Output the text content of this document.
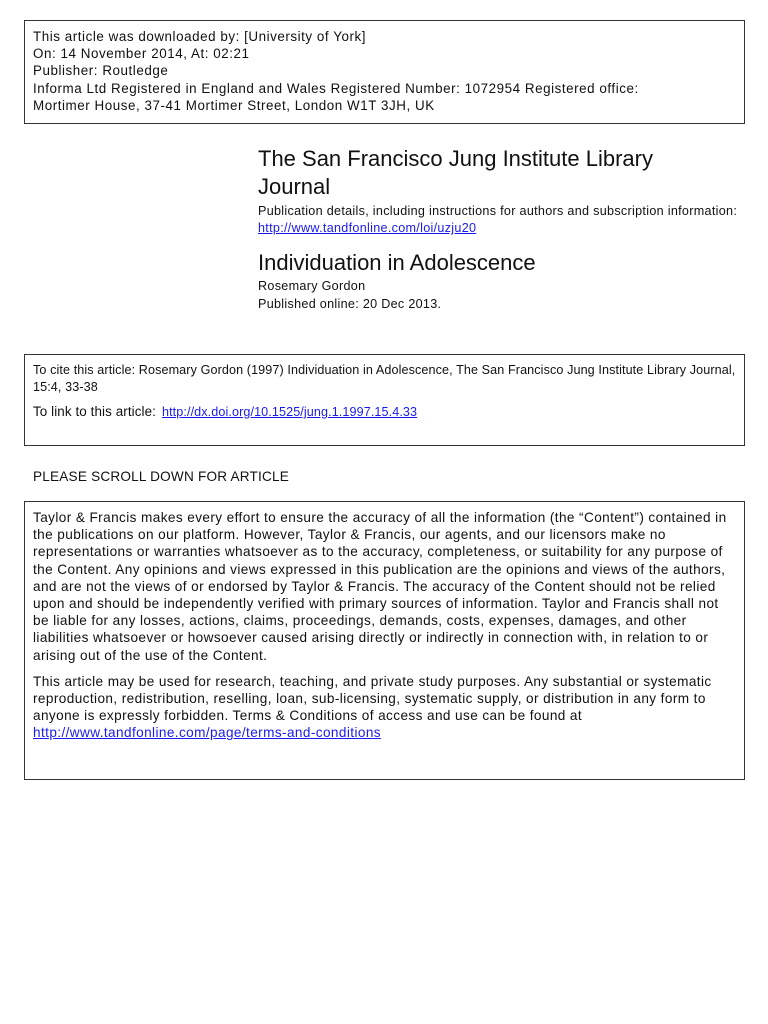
This article was downloaded by: [University of York]
On: 14 November 2014, At: 02:21
Publisher: Routledge
Informa Ltd Registered in England and Wales Registered Number: 1072954 Registered office:
Mortimer House, 37-41 Mortimer Street, London W1T 3JH, UK
The San Francisco Jung Institute Library
Journal
Publication details, including instructions for authors and subscription information:
http://www.tandfonline.com/loi/uzju20
Individuation in Adolescence
Rosemary Gordon
Published online: 20 Dec 2013.
To cite this article: Rosemary Gordon (1997) Individuation in Adolescence, The San Francisco Jung Institute Library Journal, 15:4, 33-38
To link to this article: http://dx.doi.org/10.1525/jung.1.1997.15.4.33
PLEASE SCROLL DOWN FOR ARTICLE

Taylor & Francis makes every effort to ensure the accuracy of all the information (the “Content”) contained in the publications on our platform. However, Taylor & Francis, our agents, and our licensors make no representations or warranties whatsoever as to the accuracy, completeness, or suitability for any purpose of the Content. Any opinions and views expressed in this publication are the opinions and views of the authors, and are not the views of or endorsed by Taylor & Francis. The accuracy of the Content should not be relied upon and should be independently verified with primary sources of information. Taylor and Francis shall not be liable for any losses, actions, claims, proceedings, demands, costs, expenses, damages, and other liabilities whatsoever or howsoever caused arising directly or indirectly in connection with, in relation to or arising out of the use of the Content.

This article may be used for research, teaching, and private study purposes. Any substantial or systematic reproduction, redistribution, reselling, loan, sub-licensing, systematic supply, or distribution in any form to anyone is expressly forbidden. Terms & Conditions of access and use can be found at http://www.tandfonline.com/page/terms-and-conditions
